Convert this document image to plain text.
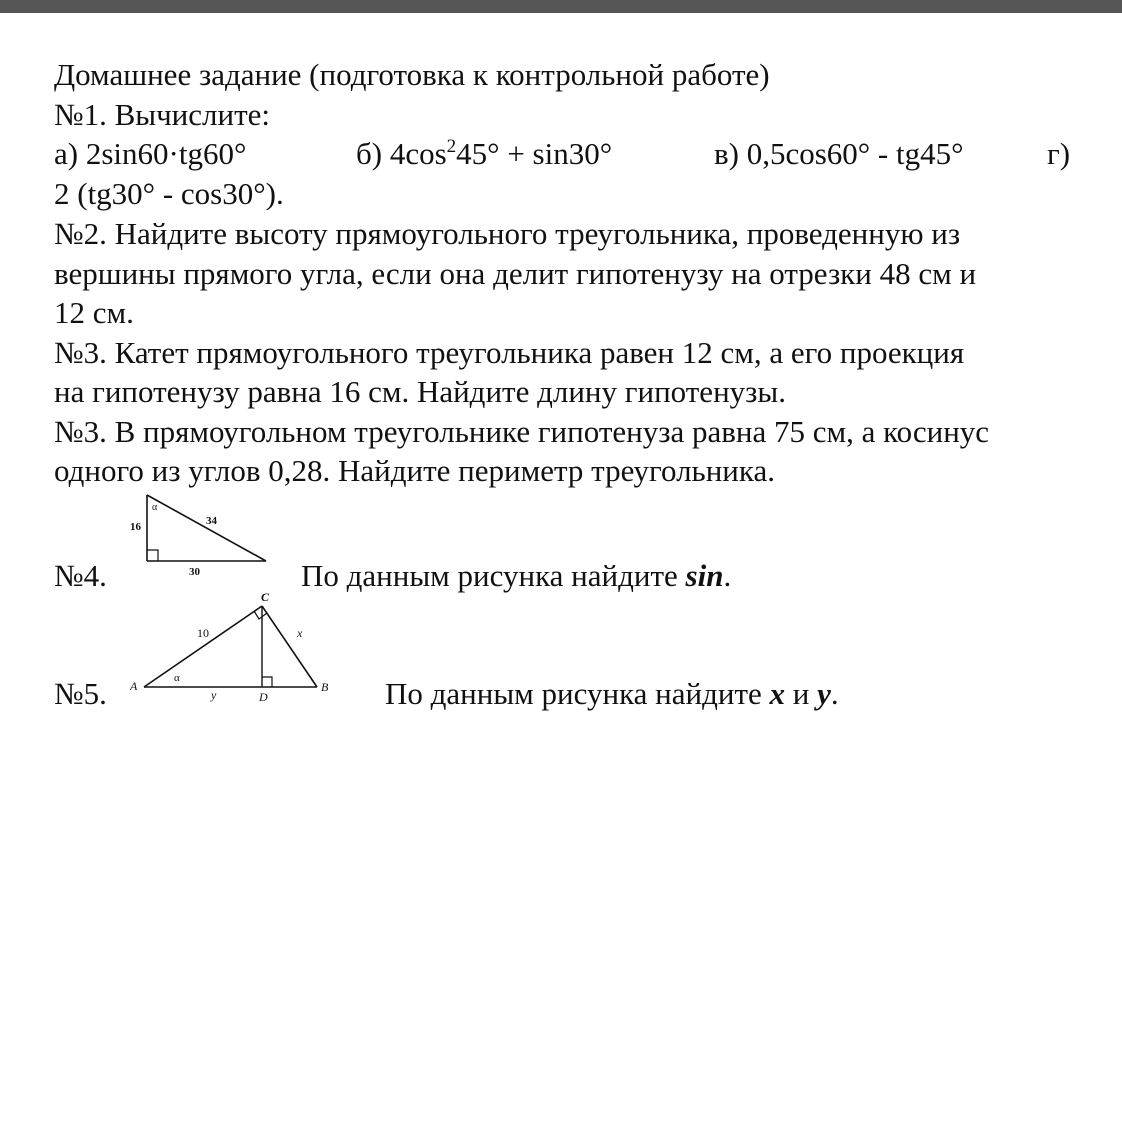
Домашнее задание (подготовка к контрольной работе)
№1. Вычислите:
а) 2sin60·tg60°	б) $4\cos^245^\circ + \sin 30^\circ$	в) 0,5cos60° - tg45°	г)
2 (tg30° - cos30°).
№2. Найдите высоту прямоугольного треугольника, проведенную из
вершины прямого угла, если она делит гипотенузу на отрезки 48 см и
12 см.
№3. Катет прямоугольного треугольника равен 12 см, а его проекция
на гипотенузу равна 16 см. Найдите длину гипотенузы.
№3. В прямоугольном треугольнике гипотенуза равна 75 см, а косинус
одного из углов 0,28. Найдите периметр треугольника.
№4.	По данным рисунка найдите sin.
16	34
30
α
№5.	По данным рисунка найдите x и y.
A	B
C
D
10	x
y
α
